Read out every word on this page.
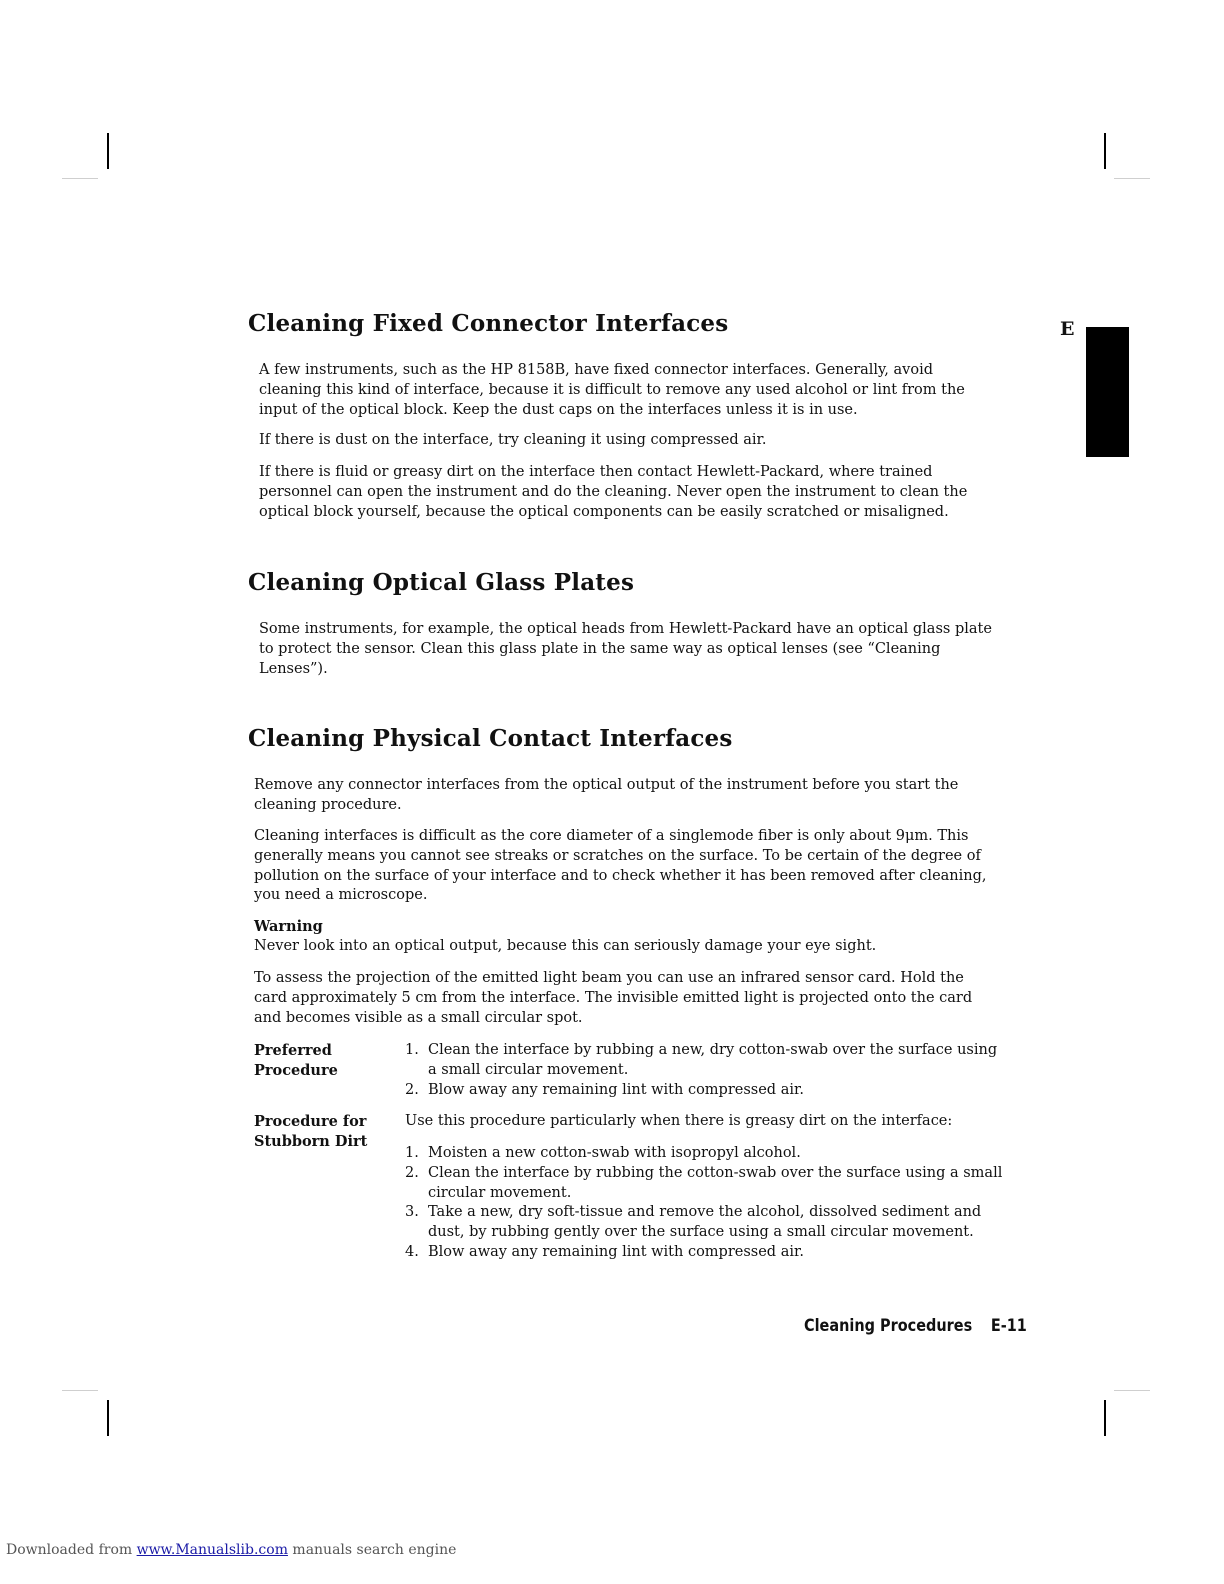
E
Cleaning Fixed Connector Interfaces

A few instruments, such as the HP 8158B, have fixed connector interfaces. Generally, avoid cleaning this kind of interface, because it is difficult to remove any used alcohol or lint from the input of the optical block. Keep the dust caps on the interfaces unless it is in use.

If there is dust on the interface, try cleaning it using compressed air.

If there is fluid or greasy dirt on the interface then contact Hewlett-Packard, where trained personnel can open the instrument and do the cleaning. Never open the instrument to clean the optical block yourself, because the optical components can be easily scratched or misaligned.

Cleaning Optical Glass Plates

Some instruments, for example, the optical heads from Hewlett-Packard have an optical glass plate to protect the sensor. Clean this glass plate in the same way as optical lenses (see “Cleaning Lenses”).

Cleaning Physical Contact Interfaces

Remove any connector interfaces from the optical output of the instrument before you start the cleaning procedure.

Cleaning interfaces is difficult as the core diameter of a singlemode fiber is only about 9μm. This generally means you cannot see streaks or scratches on the surface. To be certain of the degree of pollution on the surface of your interface and to check whether it has been removed after cleaning, you need a microscope.

Warning
Never look into an optical output, because this can seriously damage your eye sight.

To assess the projection of the emitted light beam you can use an infrared sensor card. Hold the card approximately 5 cm from the interface. The invisible emitted light is projected onto the card and becomes visible as a small circular spot.

Preferred
Procedure

1. Clean the interface by rubbing a new, dry cotton-swab over the surface using a small circular movement.
2. Blow away any remaining lint with compressed air.

Procedure for
Stubborn Dirt

Use this procedure particularly when there is greasy dirt on the interface:

1. Moisten a new cotton-swab with isopropyl alcohol.
2. Clean the interface by rubbing the cotton-swab over the surface using a small circular movement.
3. Take a new, dry soft-tissue and remove the alcohol, dissolved sediment and dust, by rubbing gently over the surface using a small circular movement.
4. Blow away any remaining lint with compressed air.
Cleaning Procedures E-11

Downloaded from www.Manualslib.com manuals search engine
